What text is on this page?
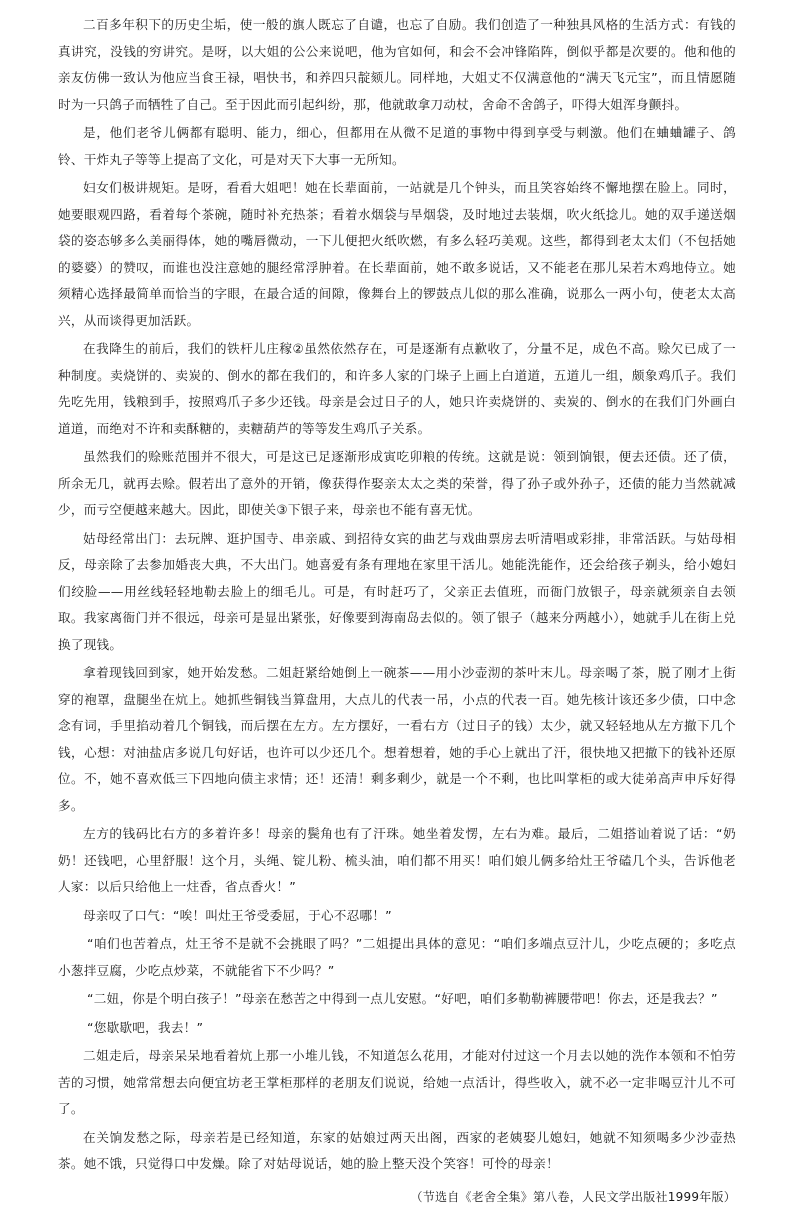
二百多年积下的历史尘垢，使一般的旗人既忘了自谴，也忘了自励。我们创造了一种独具风格的生活方式：有钱的真讲究，没钱的穷讲究。是呀，以大姐的公公来说吧，他为官如何，和会不会冲锋陷阵，倒似乎都是次要的。他和他的亲友仿佛一致认为他应当食王禄，唱快书，和养四只靛颏儿。同样地，大姐丈不仅满意他的“满天飞元宝”，而且情愿随时为一只鸽子而牺牲了自己。至于因此而引起纠纷，那，他就敢拿刀动杖，舍命不舍鸽子，吓得大姐浑身颤抖。

是，他们老爷儿俩都有聪明、能力，细心，但都用在从微不足道的事物中得到享受与刺激。他们在蛐蛐罐子、鸽铃、干炸丸子等等上提高了文化，可是对天下大事一无所知。

妇女们极讲规矩。是呀，看看大姐吧！她在长辈面前，一站就是几个钟头，而且笑容始终不懈地摆在脸上。同时，她要眼观四路，看着每个茶碗，随时补充热茶；看着水烟袋与旱烟袋，及时地过去装烟，吹火纸捻儿。她的双手递送烟袋的姿态够多么美丽得体，她的嘴唇微动，一下儿便把火纸吹燃，有多么轻巧美观。这些，都得到老太太们（不包括她的婆婆）的赞叹，而谁也没注意她的腿经常浮肿着。在长辈面前，她不敢多说话，又不能老在那儿呆若木鸡地侍立。她须精心选择最简单而恰当的字眼，在最合适的间隙，像舞台上的锣鼓点儿似的那么准确，说那么一两小句，使老太太高兴，从而谈得更加活跃。

在我降生的前后，我们的铁杆儿庄稼②虽然依然存在，可是逐渐有点歉收了，分量不足，成色不高。赊欠已成了一种制度。卖烧饼的、卖炭的、倒水的都在我们的，和许多人家的门垛子上画上白道道，五道儿一组，颇象鸡爪子。我们先吃先用，钱粮到手，按照鸡爪子多少还钱。母亲是会过日子的人，她只许卖烧饼的、卖炭的、倒水的在我们门外画白道道，而绝对不许和卖酥糖的，卖糖葫芦的等等发生鸡爪子关系。

虽然我们的赊账范围并不很大，可是这已足逐渐形成寅吃卯粮的传统。这就是说：领到饷银，便去还债。还了债，所余无几，就再去赊。假若出了意外的开销，像获得作娶亲太太之类的荣誉，得了孙子或外孙子，还债的能力当然就减少，而亏空便越来越大。因此，即使关③下银子来，母亲也不能有喜无忧。

姑母经常出门：去玩牌、逛护国寺、串亲戚、到招待女宾的曲艺与戏曲票房去听清唱或彩排，非常活跃。与姑母相反，母亲除了去参加婚丧大典，不大出门。她喜爱有条有理地在家里干活儿。她能洗能作，还会给孩子剃头，给小媳妇们绞脸——用丝线轻轻地勒去脸上的细毛儿。可是，有时赶巧了，父亲正去值班，而衙门放银子，母亲就须亲自去领取。我家离衙门并不很远，母亲可是显出紧张，好像要到海南岛去似的。领了银子（越来分两越小），她就手儿在街上兑换了现钱。

拿着现钱回到家，她开始发愁。二姐赶紧给她倒上一碗茶——用小沙壶沏的茶叶末儿。母亲喝了茶，脱了刚才上街穿的袍罩，盘腿坐在炕上。她抓些铜钱当算盘用，大点儿的代表一吊，小点的代表一百。她先核计该还多少债，口中念念有词，手里掐动着几个铜钱，而后摆在左方。左方摆好，一看右方（过日子的钱）太少，就又轻轻地从左方撤下几个钱，心想：对油盐店多说几句好话，也许可以少还几个。想着想着，她的手心上就出了汗，很快地又把撤下的钱补还原位。不，她不喜欢低三下四地向债主求情；还！还清！剩多剩少，就是一个不剩，也比叫掌柜的或大徒弟高声申斥好得多。

左方的钱码比右方的多着许多！母亲的鬓角也有了汗珠。她坐着发愣，左右为难。最后，二姐搭讪着说了话：“奶奶！还钱吧，心里舒服！这个月，头绳、锭儿粉、梳头油，咱们都不用买！咱们娘儿俩多给灶王爷磕几个头，告诉他老人家：以后只给他上一炷香，省点香火！”

母亲叹了口气：“唉！叫灶王爷受委屈，于心不忍哪！”

“咱们也苦着点，灶王爷不是就不会挑眼了吗？”二姐提出具体的意见：“咱们多端点豆汁儿，少吃点硬的；多吃点小葱拌豆腐，少吃点炒菜，不就能省下不少吗？”

“二妞，你是个明白孩子！”母亲在愁苦之中得到一点儿安慰。“好吧，咱们多勒勒裤腰带吧！你去，还是我去？”

“您歇歇吧，我去！”

二姐走后，母亲呆呆地看着炕上那一小堆儿钱，不知道怎么花用，才能对付过这一个月去以她的洗作本领和不怕劳苦的习惯，她常常想去向便宜坊老王掌柜那样的老朋友们说说，给她一点活计，得些收入，就不必一定非喝豆汁儿不可了。

在关饷发愁之际，母亲若是已经知道，东家的姑娘过两天出阁，西家的老姨娶儿媳妇，她就不知须喝多少沙壶热茶。她不饿，只觉得口中发燥。除了对姑母说话，她的脸上整天没个笑容！可怜的母亲！

（节选自《老舍全集》第八卷，人民文学出版社1999年版）
